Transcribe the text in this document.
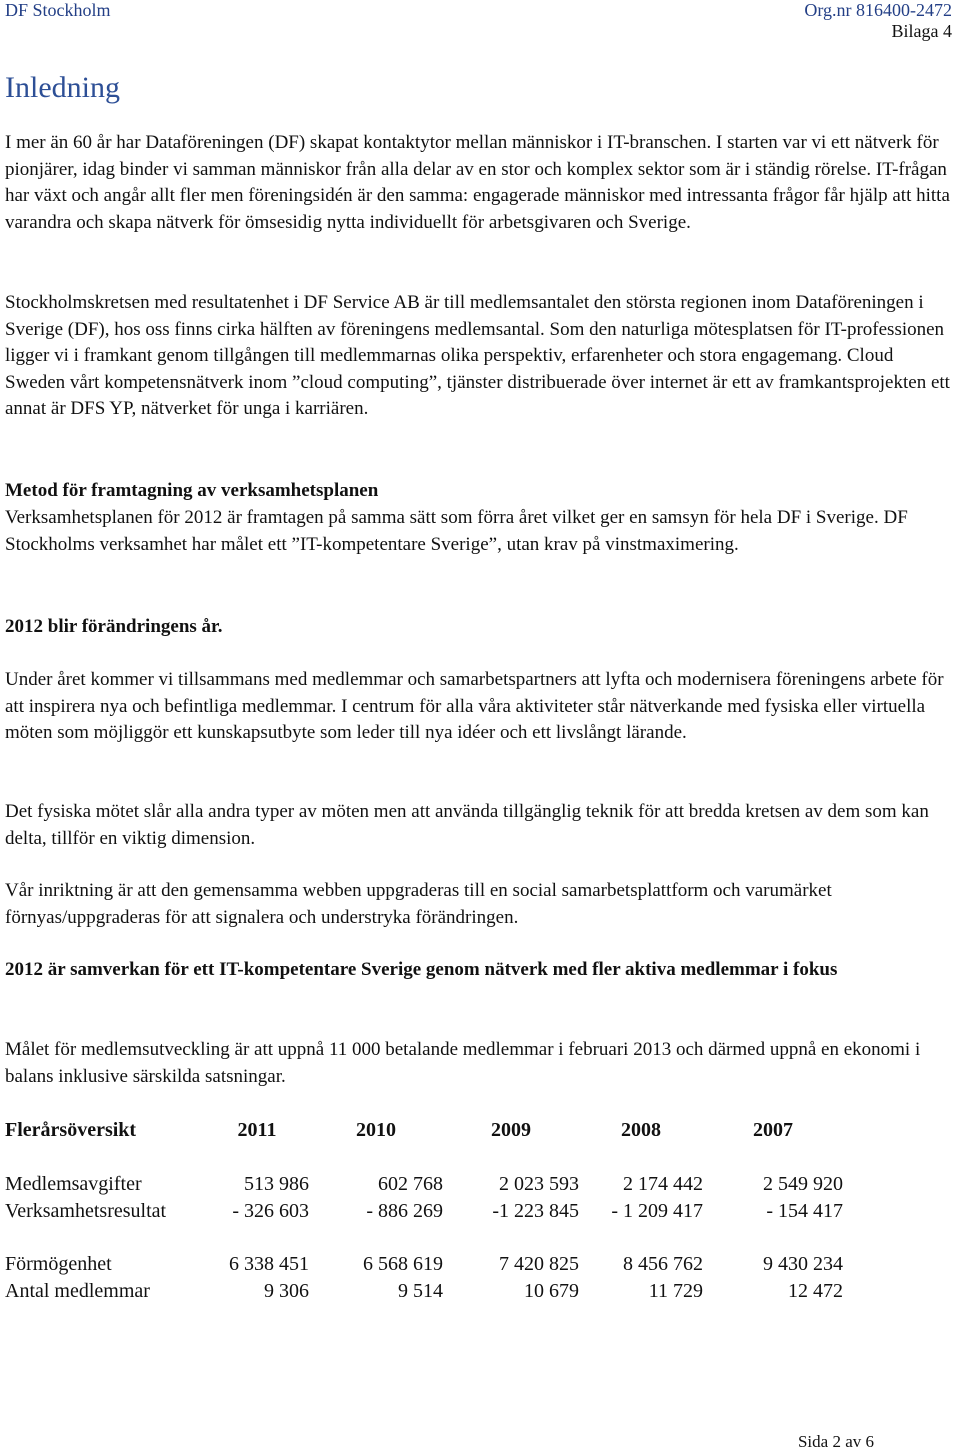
DF Stockholm	Org.nr 816400-2472
Bilaga 4
Inledning

I mer än 60 år har Dataföreningen (DF) skapat kontaktytor mellan människor i IT-branschen. I starten var vi ett nätverk för pionjärer, idag binder vi samman människor från alla delar av en stor och komplex sektor som är i ständig rörelse. IT-frågan har växt och angår allt fler men föreningsidén är den samma: engagerade människor med intressanta frågor får hjälp att hitta varandra och skapa nätverk för ömsesidig nytta individuellt för arbetsgivaren och Sverige.

Stockholmskretsen med resultatenhet i DF Service AB är till medlemsantalet den största regionen inom Dataföreningen i Sverige (DF), hos oss finns cirka hälften av föreningens medlemsantal. Som den naturliga mötesplatsen för IT-professionen ligger vi i framkant genom tillgången till medlemmarnas olika perspektiv, erfarenheter och stora engagemang. Cloud Sweden vårt kompetensnätverk inom ”cloud computing”, tjänster distribuerade över internet är ett av framkantsprojekten ett annat är DFS YP, nätverket för unga i karriären.

Metod för framtagning av verksamhetsplanen

Verksamhetsplanen för 2012 är framtagen på samma sätt som förra året vilket ger en samsyn för hela DF i Sverige. DF Stockholms verksamhet har målet ett ”IT-kompetentare Sverige”, utan krav på vinstmaximering.

2012 blir förändringens år.

Under året kommer vi tillsammans med medlemmar och samarbetspartners att lyfta och modernisera föreningens arbete för att inspirera nya och befintliga medlemmar. I centrum för alla våra aktiviteter står nätverkande med fysiska eller virtuella möten som möjliggör ett kunskapsutbyte som leder till nya idéer och ett livslångt lärande.

Det fysiska mötet slår alla andra typer av möten men att använda tillgänglig teknik för att bredda kretsen av dem som kan delta, tillför en viktig dimension.

Vår inriktning är att den gemensamma webben uppgraderas till en social samarbetsplattform och varumärket förnyas/uppgraderas för att signalera och understryka förändringen.

2012 är samverkan för ett IT-kompetentare Sverige genom nätverk med fler aktiva medlemmar i fokus

Målet för medlemsutveckling är att uppnå 11 000 betalande medlemmar i februari 2013 och därmed uppnå en ekonomi i balans inklusive särskilda satsningar.

Flerårsöversikt	2011	2010	2009	2008	2007

Medlemsavgifter	513 986	602 768	2 023 593	2 174 442	2 549 920
Verksamhetsresultat	- 326 603	- 886 269	-1 223 845	- 1 209 417	- 154 417

Förmögenhet	6 338 451	6 568 619	7 420 825	8 456 762	9 430 234
Antal medlemmar	9 306	9 514	10 679	11 729	12 472
Sida 2 av 6
